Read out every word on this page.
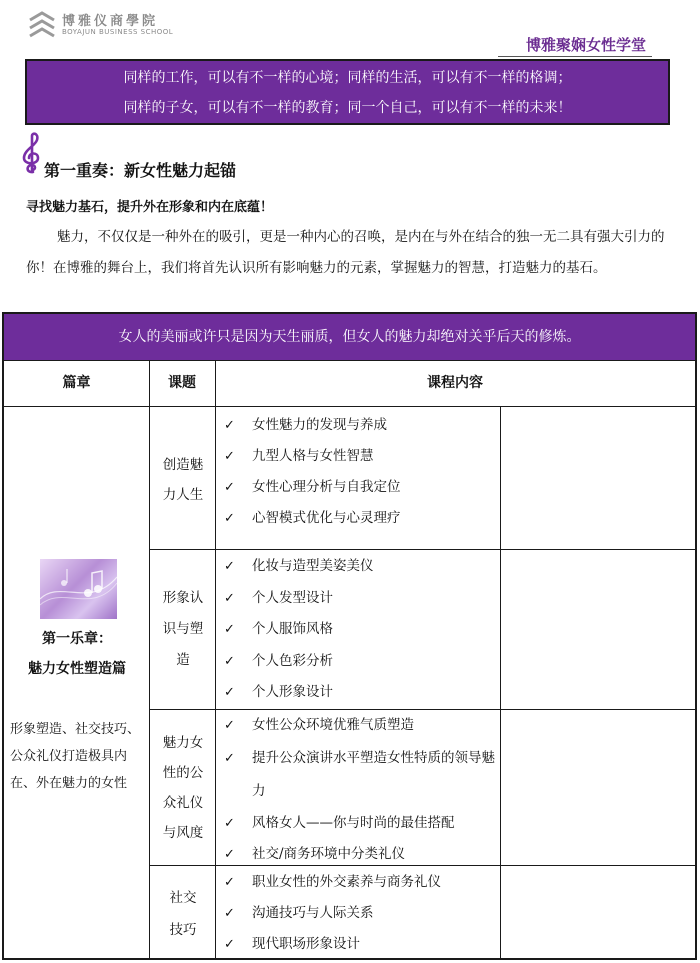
博雅仪商學院
BOYAJUN BUSINESS SCHOOL
博雅聚娴女性学堂
同样的工作，可以有不一样的心境；同样的生活，可以有不一样的格调；
同样的子女，可以有不一样的教育；同一个自己，可以有不一样的未来！
第一重奏：新女性魅力起锚
寻找魅力基石，提升外在形象和内在底蕴！
魅力，不仅仅是一种外在的吸引，更是一种内心的召唤，是内在与外在结合的独一无二具有强大引力的你！在博雅的舞台上，我们将首先认识所有影响魅力的元素，掌握魅力的智慧，打造魅力的基石。
女人的美丽或许只是因为天生丽质，但女人的魅力却绝对关乎后天的修炼。
篇章	课题	课程内容
第一乐章：
魅力女性塑造篇
形象塑造、社交技巧、公众礼仪打造极具内在、外在魅力的女性
创造魅力人生
✓ 女性魅力的发现与养成
✓ 九型人格与女性智慧
✓ 女性心理分析与自我定位
✓ 心智模式优化与心灵理疗
形象认识与塑造
✓ 化妆与造型美姿美仪
✓ 个人发型设计
✓ 个人服饰风格
✓ 个人色彩分析
✓ 个人形象设计
魅力女性的公众礼仪与风度
✓ 女性公众环境优雅气质塑造
✓ 提升公众演讲水平塑造女性特质的领导魅力
✓ 风格女人——你与时尚的最佳搭配
✓ 社交/商务环境中分类礼仪
社交技巧
✓ 职业女性的外交素养与商务礼仪
✓ 沟通技巧与人际关系
✓ 现代职场形象设计
